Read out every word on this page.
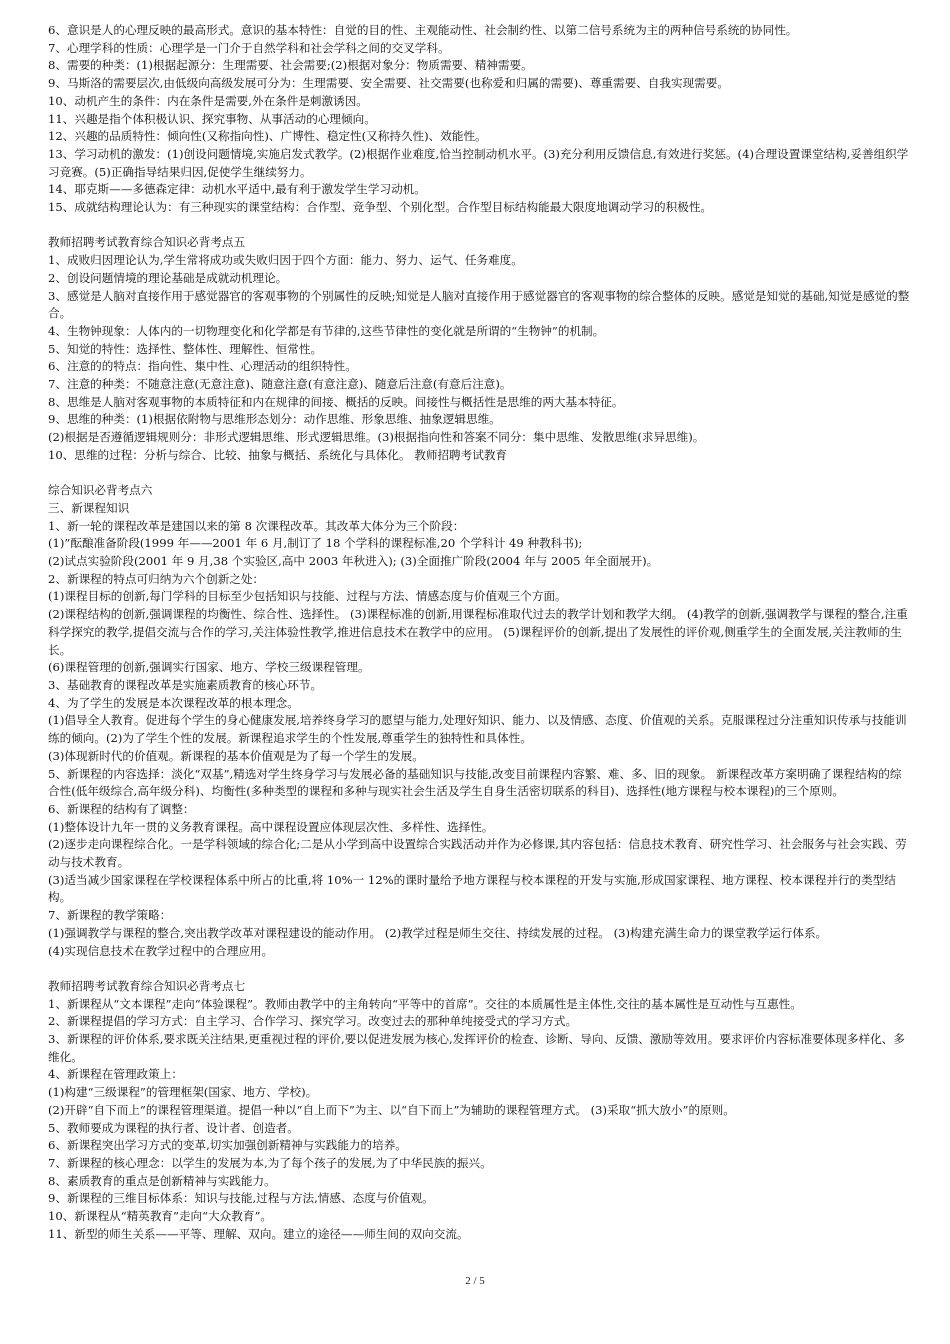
6、意识是人的心理反映的最高形式。意识的基本特性：自觉的目的性、主观能动性、社会制约性、以第二信号系统为主的两种信号系统的协同性。
7、心理学科的性质：心理学是一门介于自然学科和社会学科之间的交叉学科。
8、需要的种类：(1)根据起源分：生理需要、社会需要;(2)根据对象分：物质需要、精神需要。
9、马斯洛的需要层次,由低级向高级发展可分为：生理需要、安全需要、社交需要(也称爱和归属的需要)、尊重需要、自我实现需要。
10、动机产生的条件：内在条件是需要,外在条件是刺激诱因。
11、兴趣是指个体积极认识、探究事物、从事活动的心理倾向。
12、兴趣的品质特性：倾向性(又称指向性)、广博性、稳定性(又称持久性)、效能性。
13、学习动机的激发：(1)创设问题情境,实施启发式教学。(2)根据作业难度,恰当控制动机水平。(3)充分利用反馈信息,有效进行奖惩。(4)合理设置课堂结构,妥善组织学习竞赛。(5)正确指导结果归因,促使学生继续努力。
14、耶克斯——多德森定律：动机水平适中,最有利于激发学生学习动机。
15、成就结构理论认为：有三种现实的课堂结构：合作型、竞争型、个别化型。合作型目标结构能最大限度地调动学习的积极性。
教师招聘考试教育综合知识必背考点五
1、成败归因理论认为,学生常将成功或失败归因于四个方面：能力、努力、运气、任务难度。
2、创设问题情境的理论基础是成就动机理论。
3、感觉是人脑对直接作用于感觉器官的客观事物的个别属性的反映;知觉是人脑对直接作用于感觉器官的客观事物的综合整体的反映。感觉是知觉的基础,知觉是感觉的整合。
4、生物钟现象：人体内的一切物理变化和化学都是有节律的,这些节律性的变化就是所谓的“生物钟”的机制。
5、知觉的特性：选择性、整体性、理解性、恒常性。
6、注意的的特点：指向性、集中性、心理活动的组织特性。
7、注意的种类：不随意注意(无意注意)、随意注意(有意注意)、随意后注意(有意后注意)。
8、思维是人脑对客观事物的本质特征和内在规律的间接、概括的反映。间接性与概括性是思维的两大基本特征。
9、思维的种类：(1)根据依附物与思维形态划分：动作思维、形象思维、抽象逻辑思维。
(2)根据是否遵循逻辑规则分：非形式逻辑思维、形式逻辑思维。(3)根据指向性和答案不同分：集中思维、发散思维(求异思维)。
10、思维的过程：分析与综合、比较、抽象与概括、系统化与具体化。 教师招聘考试教育
综合知识必背考点六
三、新课程知识
1、新一轮的课程改革是建国以来的第 8 次课程改革。其改革大体分为三个阶段：
(1)”酝酿准备阶段(1999 年——2001 年 6 月,制订了 18 个学科的课程标准,20 个学科计 49 种教科书);
(2)试点实验阶段(2001 年 9 月,38 个实验区,高中 2003 年秋进入); (3)全面推广阶段(2004 年与 2005 年全面展开)。
2、新课程的特点可归纳为六个创新之处：
(1)课程目标的创新,每门学科的目标至少包括知识与技能、过程与方法、情感态度与价值观三个方面。
(2)课程结构的创新,强调课程的均衡性、综合性、选择性。 (3)课程标准的创新,用课程标准取代过去的教学计划和教学大纲。 (4)教学的创新,强调教学与课程的整合,注重科学探究的教学,提倡交流与合作的学习,关注体验性教学,推进信息技术在教学中的应用。 (5)课程评价的创新,提出了发展性的评价观,侧重学生的全面发展,关注教师的生长。
(6)课程管理的创新,强调实行国家、地方、学校三级课程管理。
3、基础教育的课程改革是实施素质教育的核心环节。
4、为了学生的发展是本次课程改革的根本理念。
(1)倡导全人教育。促进每个学生的身心健康发展,培养终身学习的愿望与能力,处理好知识、能力、以及情感、态度、价值观的关系。克服课程过分注重知识传承与技能训练的倾向。(2)为了学生个性的发展。新课程追求学生的个性发展,尊重学生的独特性和具体性。
(3)体现新时代的价值观。新课程的基本价值观是为了每一个学生的发展。
5、新课程的内容选择：淡化“双基”,精选对学生终身学习与发展必备的基础知识与技能,改变目前课程内容繁、难、多、旧的现象。 新课程改革方案明确了课程结构的综合性(低年级综合,高年级分科)、均衡性(多种类型的课程和多种与现实社会生活及学生自身生活密切联系的科目)、选择性(地方课程与校本课程)的三个原则。
6、新课程的结构有了调整：
(1)整体设计九年一贯的义务教育课程。高中课程设置应体现层次性、多样性、选择性。
(2)逐步走向课程综合化。一是学科领域的综合化;二是从小学到高中设置综合实践活动并作为必修课,其内容包括：信息技术教育、研究性学习、社会服务与社会实践、劳动与技术教育。
(3)适当减少国家课程在学校课程体系中所占的比重,将 10%一 12%的课时量给予地方课程与校本课程的开发与实施,形成国家课程、地方课程、校本课程并行的类型结构。
7、新课程的教学策略：
(1)强调教学与课程的整合,突出教学改革对课程建设的能动作用。 (2)教学过程是师生交往、持续发展的过程。 (3)构建充满生命力的课堂教学运行体系。
(4)实现信息技术在教学过程中的合理应用。
教师招聘考试教育综合知识必背考点七
1、新课程从“文本课程”走向“体验课程”。教师由教学中的主角转向“平等中的首席”。交往的本质属性是主体性,交往的基本属性是互动性与互惠性。
2、新课程提倡的学习方式：自主学习、合作学习、探究学习。改变过去的那种单纯接受式的学习方式。
3、新课程的评价体系,要求既关注结果,更重视过程的评价,要以促进发展为核心,发挥评价的检查、诊断、导向、反馈、激励等效用。要求评价内容标准要体现多样化、多维化。
4、新课程在管理政策上：
(1)构建“三级课程”的管理框架(国家、地方、学校)。
(2)开辟“自下而上”的课程管理渠道。提倡一种以“自上而下”为主、以“自下而上”为辅助的课程管理方式。 (3)采取“抓大放小”的原则。
5、教师要成为课程的执行者、设计者、创造者。
6、新课程突出学习方式的变革,切实加强创新精神与实践能力的培养。
7、新课程的核心理念：以学生的发展为本,为了每个孩子的发展,为了中华民族的振兴。
8、素质教育的重点是创新精神与实践能力。
9、新课程的三维目标体系：知识与技能,过程与方法,情感、态度与价值观。
10、新课程从“精英教育”走向“大众教育”。
11、新型的师生关系——平等、理解、双向。建立的途径——师生间的双向交流。
2 / 5
